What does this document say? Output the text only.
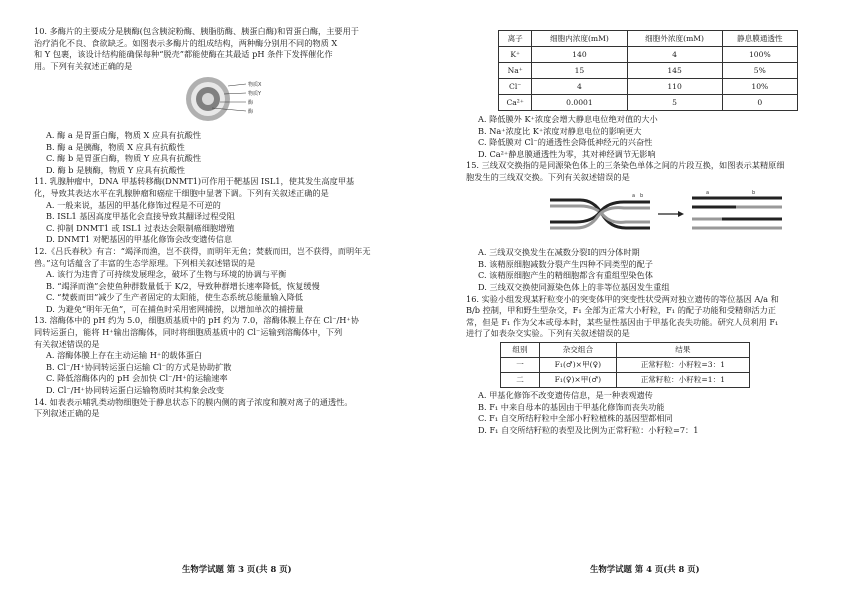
10. 多酶片的主要成分是胰酶(包含胰淀粉酶、胰脂肪酶、胰蛋白酶)和胃蛋白酶，主要用于

治疗消化不良、食欲缺乏。如图表示多酶片的组成结构，两种酶分别用不同的物质 X

和 Y 包裹，该设计结构能确保每种“脱壳”都能使酶在其最适 pH 条件下发挥催化作

用。下列有关叙述正确的是

物质X
物质Y
酶
酶

A. 酶 a 是胃蛋白酶，物质 X 应具有抗酸性

B. 酶 a 是胰酶，物质 X 应具有抗酸性

C. 酶 b 是胃蛋白酶，物质 Y 应具有抗酸性

D. 酶 b 是胰酶，物质 Y 应具有抗酸性

11. 乳腺肿瘤中，DNA 甲基转移酶(DNMT1)可作用于靶基因 ISL1，使其发生高度甲基

化，导致其表达水平在乳腺肿瘤和癌症干细胞中显著下调。下列有关叙述正确的是

A. 一般来说，基因的甲基化修饰过程是不可逆的

B. ISL1 基因高度甲基化会直接导致其翻译过程受阻

C. 抑制 DNMT1 或 ISL1 过表达会限制癌细胞增殖

D. DNMT1 对靶基因的甲基化修饰会改变遗传信息

12.《吕氏春秋》有言：“竭泽而渔，岂不获得，而明年无鱼；焚薮而田，岂不获得，而明年无

兽。”这句话蕴含了丰富的生态学原理。下列相关叙述错误的是

A. 该行为违背了可持续发展理念，破坏了生物与环境的协调与平衡

B. “竭泽而渔”会使鱼种群数量低于 K/2，导致种群增长速率降低，恢复缓慢

C. “焚薮而田”减少了生产者固定的太阳能，使生态系统总能量输入降低

D. 为避免“明年无鱼”，可在捕鱼时采用密网捕捞，以增加单次的捕捞量

13. 溶酶体中的 pH 约为 5.0，细胞质基质中的 pH 约为 7.0，溶酶体膜上存在 Cl⁻/H⁺协

同转运蛋白，能将 H⁺输出溶酶体，同时将细胞质基质中的 Cl⁻运输到溶酶体中，下列

有关叙述错误的是

A. 溶酶体膜上存在主动运输 H⁺的载体蛋白

B. Cl⁻/H⁺协同转运蛋白运输 Cl⁻的方式是协助扩散

C. 降低溶酶体内的 pH 会加快 Cl⁻/H⁺的运输速率

D. Cl⁻/H⁺协同转运蛋白运输物质时其构象会改变

14. 如表表示哺乳类动物细胞处于静息状态下的膜内侧的离子浓度和膜对离子的通透性。

下列叙述正确的是

生物学试题 第 3 页(共 8 页)
离子	细胞内浓度(mM)	细胞外浓度(mM)	静息膜通透性
K⁺	140	4	100%
Na⁺	15	145	5%
Cl⁻	4	110	10%
Ca²⁺	0.0001	5	0

A. 降低膜外 K⁺浓度会增大静息电位绝对值的大小

B. Na⁺浓度比 K⁺浓度对静息电位的影响更大

C. 降低膜对 Cl⁻的通透性会降低神经元的兴奋性

D. Ca²⁺静息膜通透性为零，其对神经调节无影响

15. 三线双交换指的是同源染色体上的三条染色单体之间的片段互换，如图表示某精原细

胞发生的三线双交换。下列有关叙述错误的是

a b	a	b

A. 三线双交换发生在减数分裂Ⅰ的四分体时期

B. 该精原细胞减数分裂产生四种不同类型的配子

C. 该精原细胞产生的精细胞都含有重组型染色体

D. 三线双交换使同源染色体上的非等位基因发生重组

16. 实验小组发现某籽粒变小的突变体甲的突变性状受两对独立遗传的等位基因 A/a 和

B/b 控制，甲和野生型杂交，F₁ 全部为正常大小籽粒，F₁ 的配子功能和受精卵活力正

常，但是 F₁ 作为父本或母本时，某些显性基因由于甲基化丧失功能。研究人员利用 F₁

进行了如表杂交实验。下列有关叙述错误的是

组别	杂交组合	结果
一	F₁(♂)×甲(♀)	正常籽粒：小籽粒=3：1
二	F₁(♀)×甲(♂)	正常籽粒：小籽粒=1：1

A. 甲基化修饰不改变遗传信息，是一种表观遗传

B. F₁ 中来自母本的基因由于甲基化修饰而丧失功能

C. F₁ 自交所结籽粒中全部小籽粒植株的基因型都相同

D. F₁ 自交所结籽粒的表型及比例为正常籽粒：小籽粒=7：1

生物学试题 第 4 页(共 8 页)
